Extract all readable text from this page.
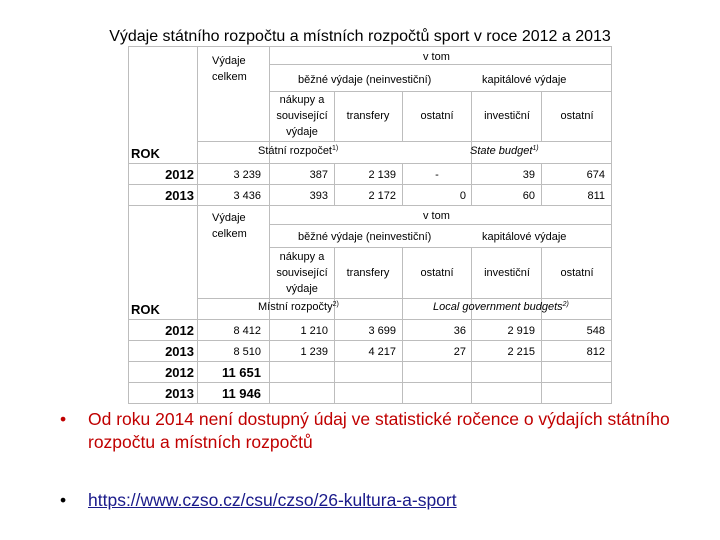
Výdaje státního rozpočtu a místních rozpočtů sport v roce 2012 a 2013
Výdaje
celkem
v tom
běžné výdaje (neinvestiční)	kapitálové výdaje
nákupy a
související
výdaje
transfery	ostatní	investiční	ostatní
ROK	Státní rozpočet$^{1)}$	State budget$^{1)}$
2012	3 239	387	2 139	-	39	674
2013	3 436	393	2 172	0	60	811
Výdaje
celkem
v tom
běžné výdaje (neinvestiční)	kapitálové výdaje
nákupy a
související
výdaje
transfery	ostatní	investiční	ostatní
ROK	Místní rozpočty$^{2)}$	Local government budgets$^{2)}$
2012	8 412	1 210	3 699	36	2 919	548
2013	8 510	1 239	4 217	27	2 215	812
2012 11 651
2013 11 946
• Od roku 2014 není dostupný údaj ve statistické ročence o výdajích státního rozpočtu a místních rozpočtů
• https://www.czso.cz/csu/czso/26-kultura-a-sport
